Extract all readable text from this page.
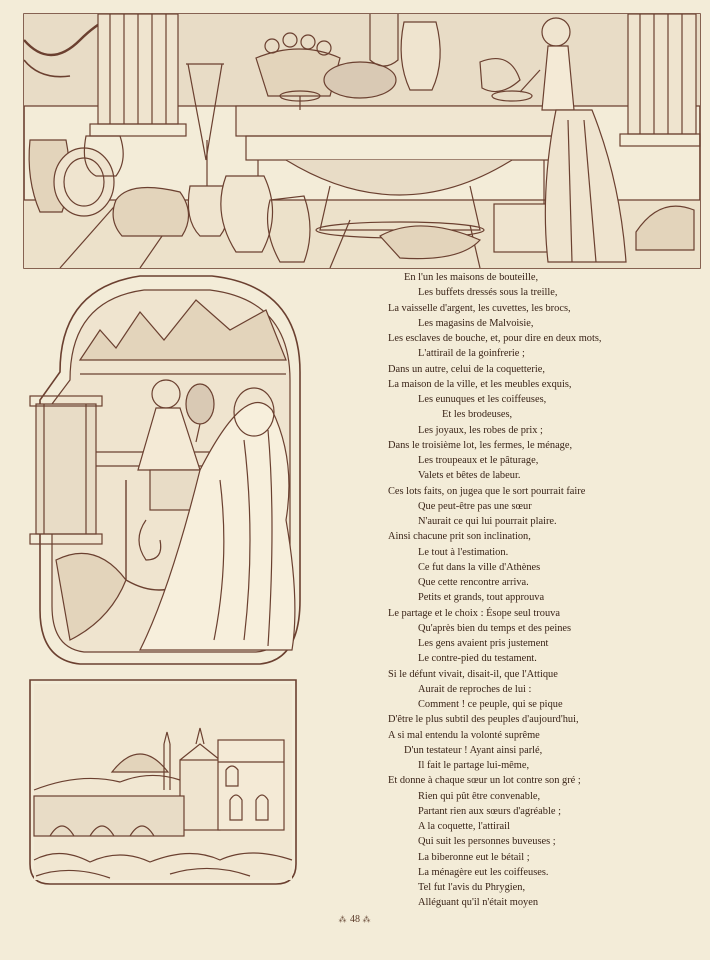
En l'un les maisons de bouteille,
Les buffets dressés sous la treille,
La vaisselle d'argent, les cuvettes, les brocs,
Les magasins de Malvoisie,
Les esclaves de bouche, et, pour dire en deux mots,
L'attirail de la goinfrerie ;
Dans un autre, celui de la coquetterie,
La maison de la ville, et les meubles exquis,
Les eunuques et les coiffeuses,
Et les brodeuses,
Les joyaux, les robes de prix ;
Dans le troisième lot, les fermes, le ménage,
Les troupeaux et le pâturage,
Valets et bêtes de labeur.
Ces lots faits, on jugea que le sort pourrait faire
Que peut-être pas une sœur
N'aurait ce qui lui pourrait plaire.
Ainsi chacune prit son inclination,
Le tout à l'estimation.
Ce fut dans la ville d'Athènes
Que cette rencontre arriva.
Petits et grands, tout approuva
Le partage et le choix : Ésope seul trouva
Qu'après bien du temps et des peines
Les gens avaient pris justement
Le contre-pied du testament.
Si le défunt vivait, disait-il, que l'Attique
Aurait de reproches de lui :
Comment ! ce peuple, qui se pique
D'être le plus subtil des peuples d'aujourd'hui,
A si mal entendu la volonté suprême
D'un testateur ! Ayant ainsi parlé,
Il fait le partage lui-même,
Et donne à chaque sœur un lot contre son gré ;
Rien qui pût être convenable,
Partant rien aux sœurs d'agréable ;
A la coquette, l'attirail
Qui suit les personnes buveuses ;
La biberonne eut le bétail ;
La ménagère eut les coiffeuses.
Tel fut l'avis du Phrygien,
Alléguant qu'il n'était moyen
⁂ 48 ⁂
